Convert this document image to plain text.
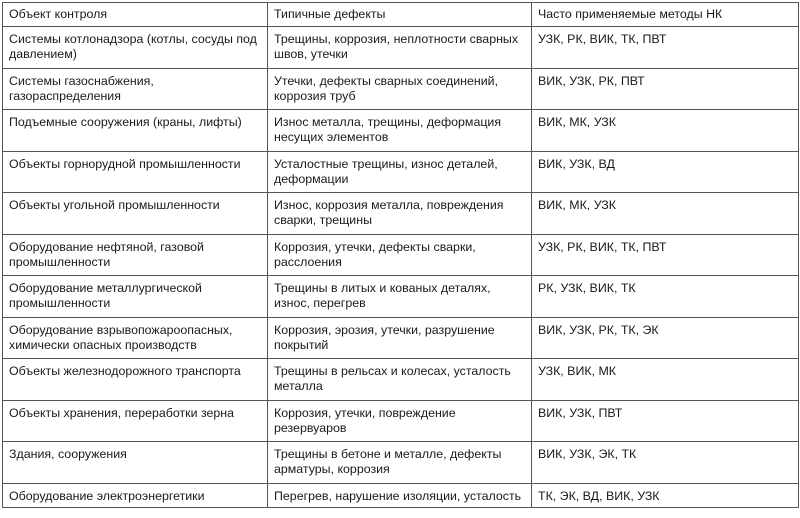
Объект контроля	Типичные дефекты	Часто применяемые методы НК
Системы котлонадзора (котлы, сосуды под давлением)	Трещины, коррозия, неплотности сварных швов, утечки	УЗК, РК, ВИК, ТК, ПВТ
Системы газоснабжения, газораспределения	Утечки, дефекты сварных соединений, коррозия труб	ВИК, УЗК, РК, ПВТ
Подъемные сооружения (краны, лифты)	Износ металла, трещины, деформация несущих элементов	ВИК, МК, УЗК
Объекты горнорудной промышленности	Усталостные трещины, износ деталей, деформации	ВИК, УЗК, ВД
Объекты угольной промышленности	Износ, коррозия металла, повреждения сварки, трещины	ВИК, МК, УЗК
Оборудование нефтяной, газовой промышленности	Коррозия, утечки, дефекты сварки, расслоения	УЗК, РК, ВИК, ТК, ПВТ
Оборудование металлургической промышленности	Трещины в литых и кованых деталях, износ, перегрев	РК, УЗК, ВИК, ТК
Оборудование взрывопожароопасных, химически опасных производств	Коррозия, эрозия, утечки, разрушение покрытий	ВИК, УЗК, РК, ТК, ЭК
Объекты железнодорожного транспорта	Трещины в рельсах и колесах, усталость металла	УЗК, ВИК, МК
Объекты хранения, переработки зерна	Коррозия, утечки, повреждение резервуаров	ВИК, УЗК, ПВТ
Здания, сооружения	Трещины в бетоне и металле, дефекты арматуры, коррозия	ВИК, УЗК, ЭК, ТК
Оборудование электроэнергетики	Перегрев, нарушение изоляции, усталость	ТК, ЭК, ВД, ВИК, УЗК
